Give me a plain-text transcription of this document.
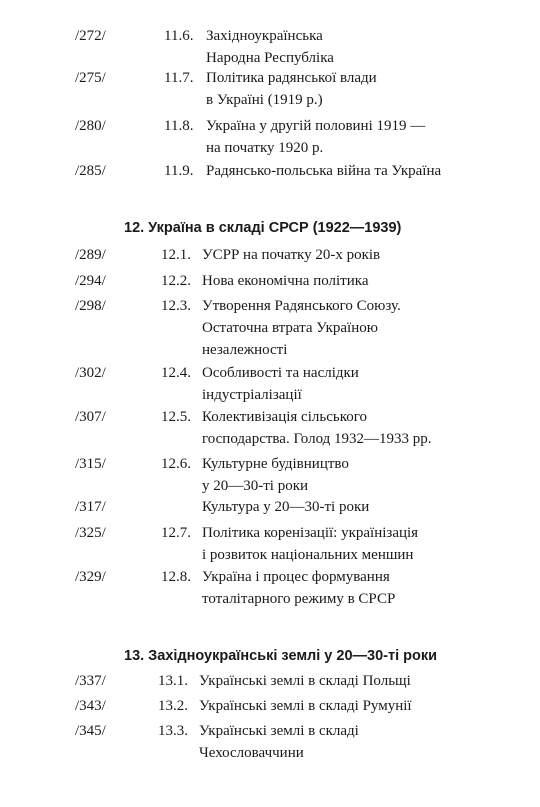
/272/	11.6. Західноукраїнська
Народна Республіка
/275/	11.7. Політика радянської влади
в Україні (1919 р.)
/280/	11.8. Україна у другій половині 1919 —
на початку 1920 р.
/285/	11.9. Радянсько-польська війна та Україна
12. Україна в складі СРСР (1922—1939)
/289/	12.1. УСРР на початку 20-х років
/294/	12.2. Нова економічна політика
/298/	12.3. Утворення Радянського Союзу.
Остаточна втрата Україною
незалежності
/302/	12.4. Особливості та наслідки
індустріалізації
/307/	12.5. Колективізація сільського
господарства. Голод 1932—1933 рр.
/315/	12.6. Культурне будівництво
у 20—30-ті роки
/317/	Культура у 20—30-ті роки
/325/	12.7. Політика коренізації: українізація
і розвиток національних меншин
/329/	12.8. Україна і процес формування
тоталітарного режиму в СРСР
13. Західноукраїнські землі у 20—30-ті роки
/337/	13.1. Українські землі в складі Польщі
/343/	13.2. Українські землі в складі Румунії
/345/	13.3. Українські землі в складі
Чехословаччини
